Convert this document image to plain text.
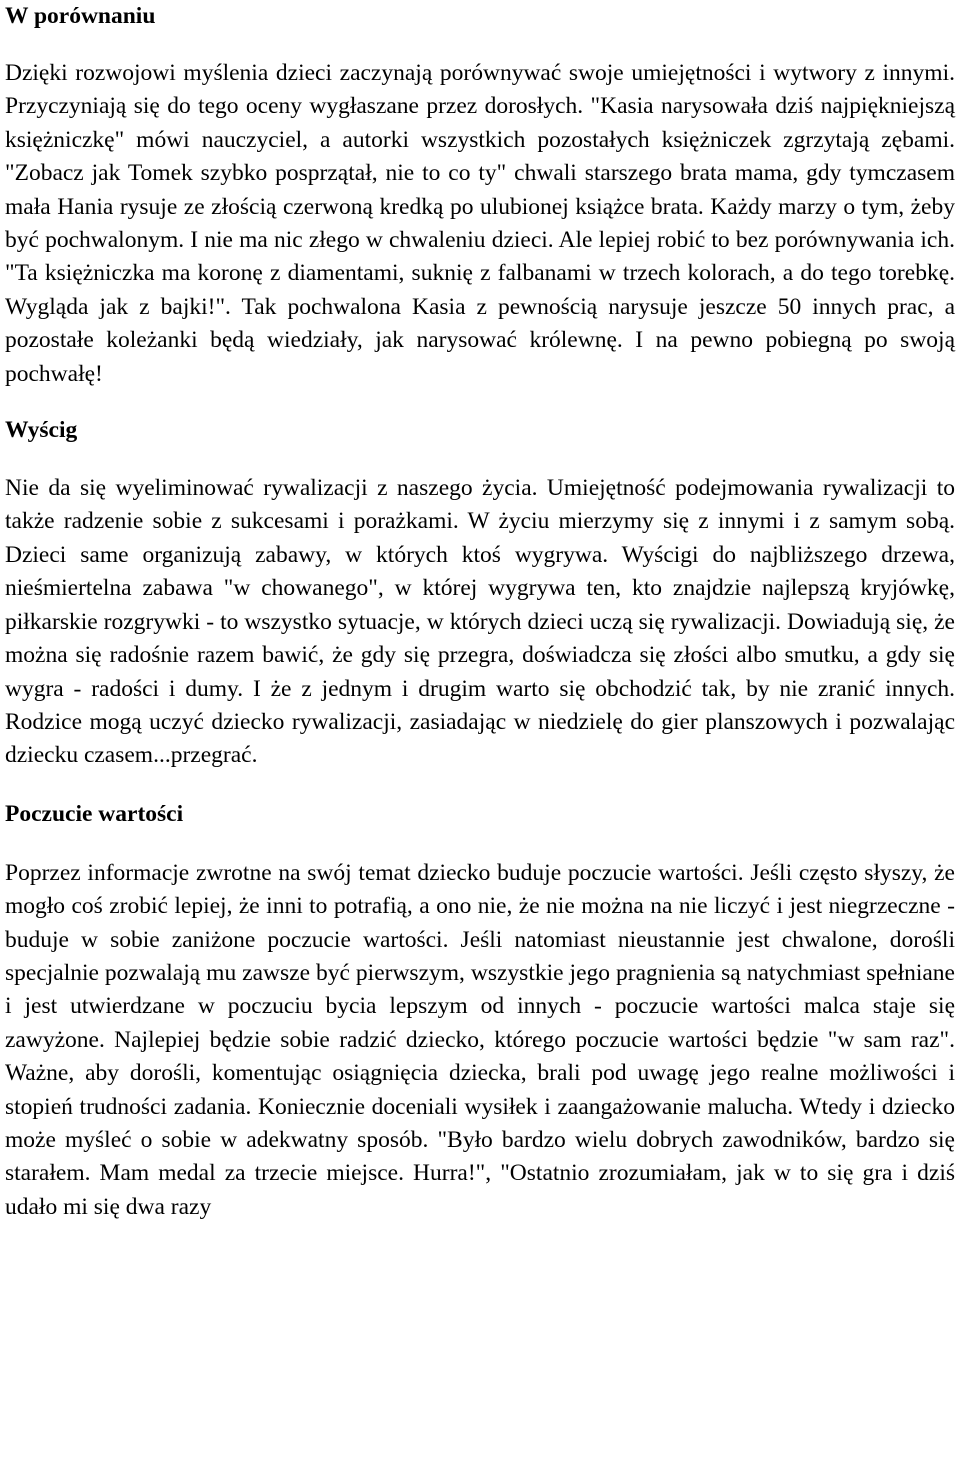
W porównaniu

Dzięki rozwojowi myślenia dzieci zaczynają porównywać swoje umiejętności i wytwory z innymi. Przyczyniają się do tego oceny wygłaszane przez dorosłych. "Kasia narysowała dziś najpiękniejszą księżniczkę" mówi nauczyciel, a autorki wszystkich pozostałych księżniczek zgrzytają zębami. "Zobacz jak Tomek szybko posprzątał, nie to co ty" chwali starszego brata mama, gdy tymczasem mała Hania rysuje ze złością czerwoną kredką po ulubionej książce brata. Każdy marzy o tym, żeby być pochwalonym. I nie ma nic złego w chwaleniu dzieci. Ale lepiej robić to bez porównywania ich. "Ta księżniczka ma koronę z diamentami, suknię z falbanami w trzech kolorach, a do tego torebkę. Wygląda jak z bajki!". Tak pochwalona Kasia z pewnością narysuje jeszcze 50 innych prac, a pozostałe koleżanki będą wiedziały, jak narysować królewnę. I na pewno pobiegną po swoją pochwałę!

Wyścig

Nie da się wyeliminować rywalizacji z naszego życia. Umiejętność podejmowania rywalizacji to także radzenie sobie z sukcesami i porażkami. W życiu mierzymy się z innymi i z samym sobą. Dzieci same organizują zabawy, w których ktoś wygrywa. Wyścigi do najbliższego drzewa, nieśmiertelna zabawa "w chowanego", w której wygrywa ten, kto znajdzie najlepszą kryjówkę, piłkarskie rozgrywki - to wszystko sytuacje, w których dzieci uczą się rywalizacji. Dowiadują się, że można się radośnie razem bawić, że gdy się przegra, doświadcza się złości albo smutku, a gdy się wygra - radości i dumy. I że z jednym i drugim warto się obchodzić tak, by nie zranić innych. Rodzice mogą uczyć dziecko rywalizacji, zasiadając w niedzielę do gier planszowych i pozwalając dziecku czasem...przegrać.

Poczucie wartości

Poprzez informacje zwrotne na swój temat dziecko buduje poczucie wartości. Jeśli często słyszy, że mogło coś zrobić lepiej, że inni to potrafią, a ono nie, że nie można na nie liczyć i jest niegrzeczne - buduje w sobie zaniżone poczucie wartości. Jeśli natomiast nieustannie jest chwalone, dorośli specjalnie pozwalają mu zawsze być pierwszym, wszystkie jego pragnienia są natychmiast spełniane i jest utwierdzane w poczuciu bycia lepszym od innych - poczucie wartości malca staje się zawyżone. Najlepiej będzie sobie radzić dziecko, którego poczucie wartości będzie "w sam raz". Ważne, aby dorośli, komentując osiągnięcia dziecka, brali pod uwagę jego realne możliwości i stopień trudności zadania. Koniecznie doceniali wysiłek i zaangażowanie malucha. Wtedy i dziecko może myśleć o sobie w adekwatny sposób. "Było bardzo wielu dobrych zawodników, bardzo się starałem. Mam medal za trzecie miejsce. Hurra!", "Ostatnio zrozumiałam, jak w to się gra i dziś udało mi się dwa razy
